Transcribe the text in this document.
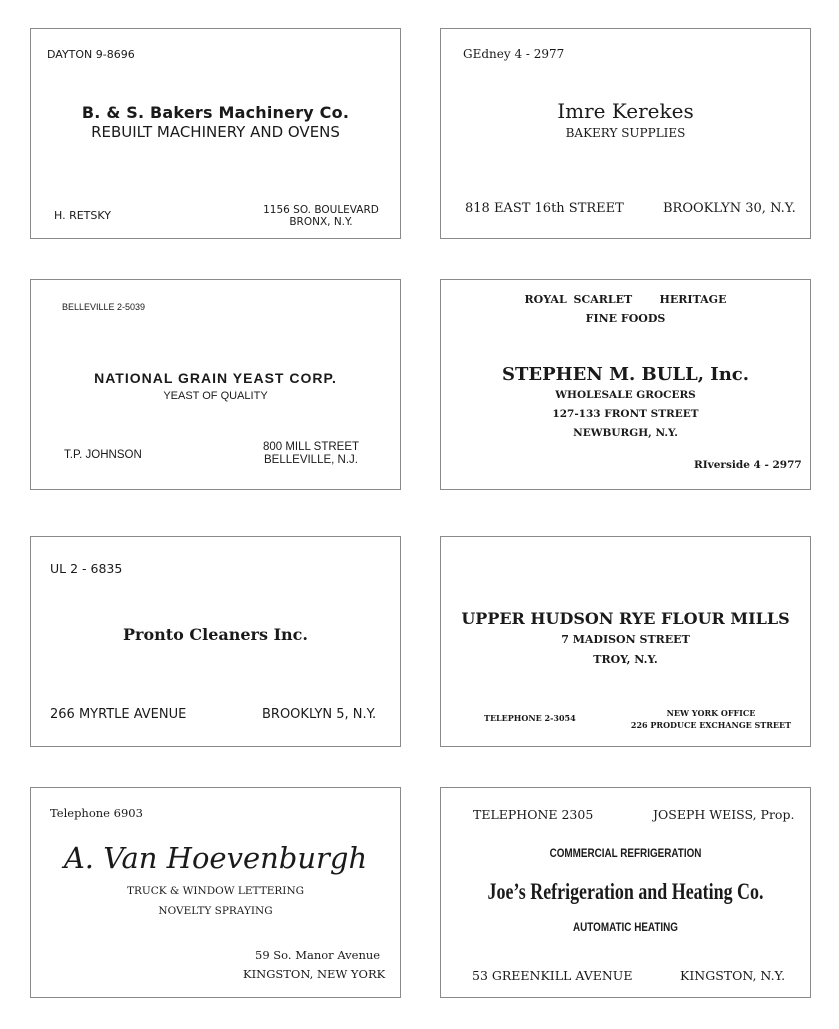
DAYTON 9-8696
B. & S. Bakers Machinery Co.
REBUILT MACHINERY AND OVENS
H. RETSKY	1156 SO. BOULEVARD
BRONX, N.Y.
GEdney 4 - 2977
Imre Kerekes
BAKERY SUPPLIES
818 EAST 16th STREET	BROOKLYN 30, N.Y.
BELLEVILLE 2-5039
NATIONAL GRAIN YEAST CORP.
YEAST OF QUALITY
T.P. JOHNSON
800 MILL STREET
BELLEVILLE, N.J.
ROYAL SCARLET    HERITAGE
FINE FOODS
STEPHEN M. BULL, Inc.
WHOLESALE GROCERS
127-133 FRONT STREET
NEWBURGH, N.Y.
RIverside 4 - 2977
UL 2 - 6835
Pronto Cleaners Inc.
266 MYRTLE AVENUE	BROOKLYN 5, N.Y.
UPPER HUDSON RYE FLOUR MILLS
7 MADISON STREET
TROY, N.Y.
TELEPHONE 2-3054	NEW YORK OFFICE
226 PRODUCE EXCHANGE STREET
Telephone 6903
A. Van Hoevenburgh
TRUCK & WINDOW LETTERING
NOVELTY SPRAYING
59 So. Manor Avenue
KINGSTON, NEW YORK
TELEPHONE 2305	JOSEPH WEISS, Prop.
COMMERCIAL REFRIGERATION
Joe’s Refrigeration and Heating Co.
AUTOMATIC HEATING
53 GREENKILL AVENUE	KINGSTON, N.Y.
